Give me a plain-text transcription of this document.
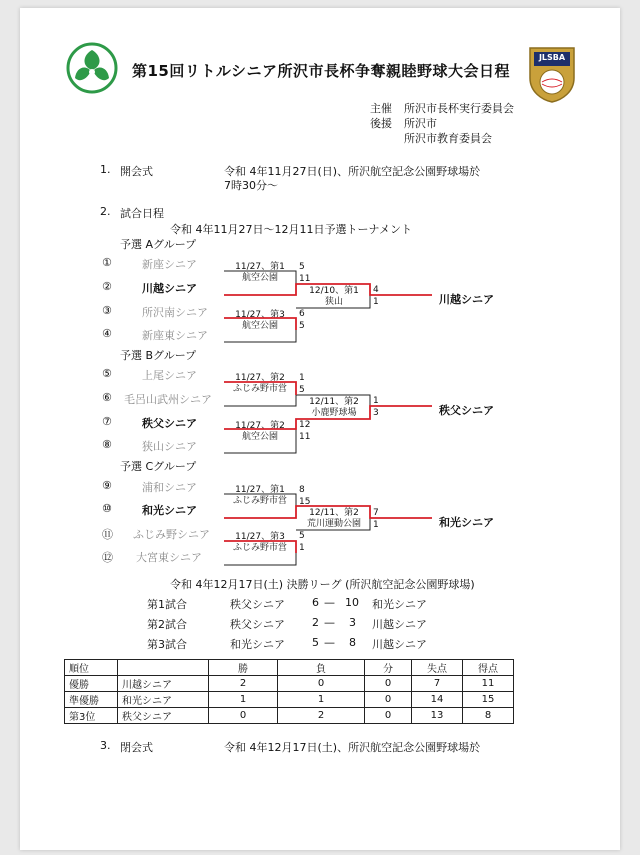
第15回リトルシニア所沢市長杯争奪親睦野球大会日程
JLSBA
主催 所沢市長杯実行委員会
後援 所沢市
所沢市教育委員会
1. 開会式	令和 4年11月27日(日)、所沢航空記念公園野球場於
7時30分～
2. 試合日程
令和 4年11月27日～12月11日予選トーナメント
予選 Aグループ
①	新座シニア
②	川越シニア
③	所沢南シニア
④	新座東シニア
11/27、第1
航空公園
5
11
11/27、第3
航空公園
6
5
12/10、第1
狭山
4
1	川越シニア
予選 Bグループ
⑤	上尾シニア
⑥ 毛呂山武州シニア
⑦	秩父シニア
⑧	狭山シニア
11/27、第2
ふじみ野市営
1
5
11/27、第2
航空公園
12
11
12/11、第2
小鹿野球場
1
3	秩父シニア
予選 Cグループ
⑨	浦和シニア
⑩	和光シニア
⑪ ふじみ野シニア
⑫ 大宮東シニア
11/27、第1
ふじみ野市営
8
15
11/27、第3
ふじみ野市営
5
1
12/11、第2
荒川運動公園
7
1	和光シニア
令和 4年12月17日(土) 決勝リーグ (所沢航空記念公園野球場)
第1試合	秩父シニア 6 — 10 和光シニア
第2試合	秩父シニア 2 — 3 川越シニア
第3試合	和光シニア 5 — 8 川越シニア
順位		勝	負	分	失点	得点
優勝	川越シニア	2	0	0	7	11
準優勝	和光シニア	1	1	0	14	15
第3位	秩父シニア	0	2	0	13	8
3. 閉会式	令和 4年12月17日(土)、所沢航空記念公園野球場於
